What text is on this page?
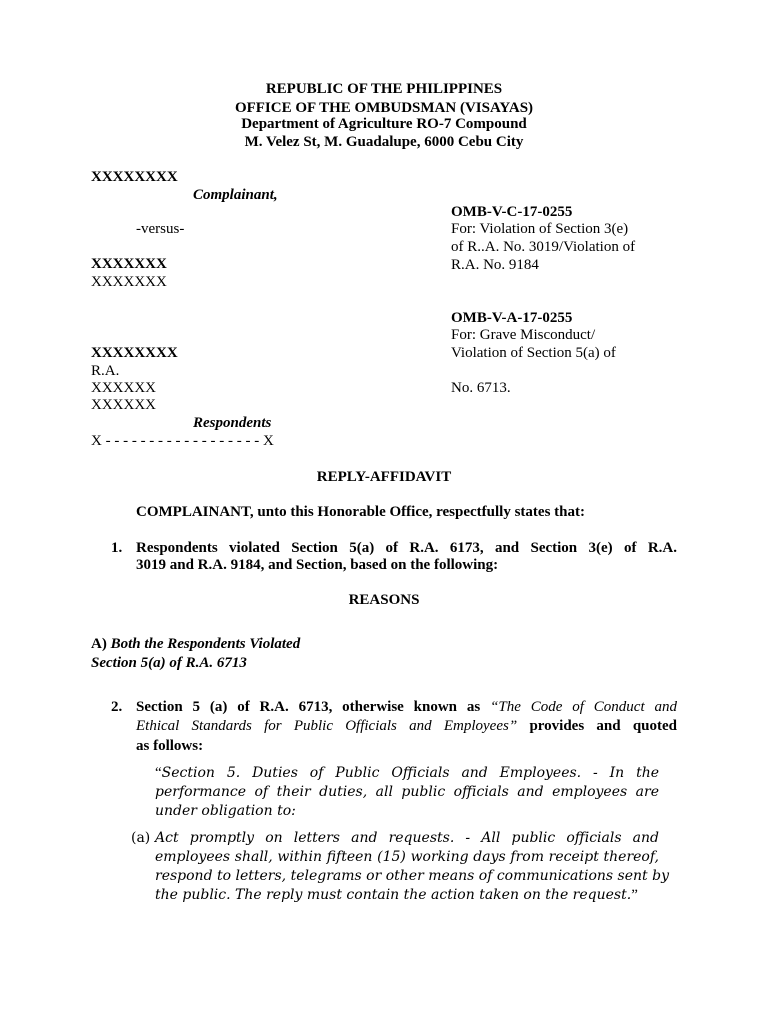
REPUBLIC OF THE PHILIPPINES
OFFICE OF THE OMBUDSMAN (VISAYAS)
Department of Agriculture RO-7 Compound
M. Velez St, M. Guadalupe, 6000 Cebu City
XXXXXXXX
Complainant,
-versus-
XXXXXXX
XXXXXXX
XXXXXXXX
R.A.
XXXXXX
XXXXXX
Respondents
X - - - - - - - - - - - - - - - - - - X
OMB-V-C-17-0255
For: Violation of Section 3(e)
of R..A. No. 3019/Violation of
R.A. No. 9184
OMB-V-A-17-0255
For: Grave Misconduct/
Violation of Section 5(a) of
No. 6713.
REPLY-AFFIDAVIT
COMPLAINANT, unto this Honorable Office, respectfully states that:
1. Respondents violated Section 5(a) of R.A. 6173, and Section 3(e) of R.A.
3019 and R.A. 9184, and Section, based on the following:
REASONS
A) Both the Respondents Violated
Section 5(a) of R.A. 6713
2. Section 5 (a) of R.A. 6713, otherwise known as “The Code of Conduct and
Ethical Standards for Public Officials and Employees” provides and quoted
as follows:
“Section 5. Duties of Public Officials and Employees. - In the
performance of their duties, all public officials and employees are
under obligation to:
(a) Act promptly on letters and requests. - All public officials and
employees shall, within fifteen (15) working days from receipt thereof,
respond to letters, telegrams or other means of communications sent by
the public. The reply must contain the action taken on the request.”
